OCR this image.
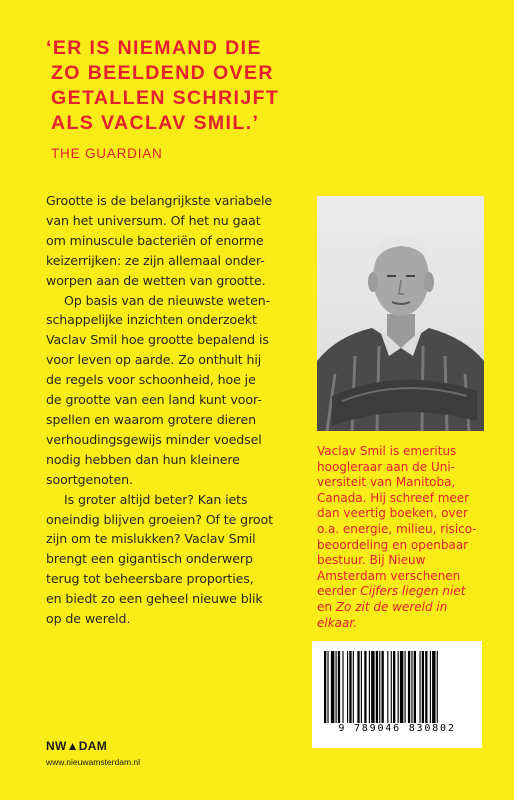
‘ER IS NIEMAND DIE
ZO BEELDEND OVER
GETALLEN SCHRIJFT
ALS VACLAV SMIL.’
THE GUARDIAN
Grootte is de belangrijkste variabele
van het universum. Of het nu gaat
om minuscule bacteriën of enorme
keizerrijken: ze zijn allemaal onder-
worpen aan de wetten van grootte.
Op basis van de nieuwste weten-
schappelijke inzichten onderzoekt
Vaclav Smil hoe grootte bepalend is
voor leven op aarde. Zo onthult hij
de regels voor schoonheid, hoe je
de grootte van een land kunt voor-
spellen en waarom grotere dieren
verhoudingsgewijs minder voedsel
nodig hebben dan hun kleinere
soortgenoten.
Is groter altijd beter? Kan iets
oneindig blijven groeien? Of te groot
zijn om te mislukken? Vaclav Smil
brengt een gigantisch onderwerp
terug tot beheersbare proporties,
en biedt zo een geheel nieuwe blik
op de wereld.
Vaclav Smil is emeritus
hoogleraar aan de Uni-
versiteit van Manitoba,
Canada. Hij schreef meer
dan veertig boeken, over
o.a. energie, milieu, risico-
beoordeling en openbaar
bestuur. Bij Nieuw
Amsterdam verschenen
eerder Cijfers liegen niet
en Zo zit de wereld in
elkaar.
9 789046 830802
NW▲DAM
www.nieuwamsterdam.nl
